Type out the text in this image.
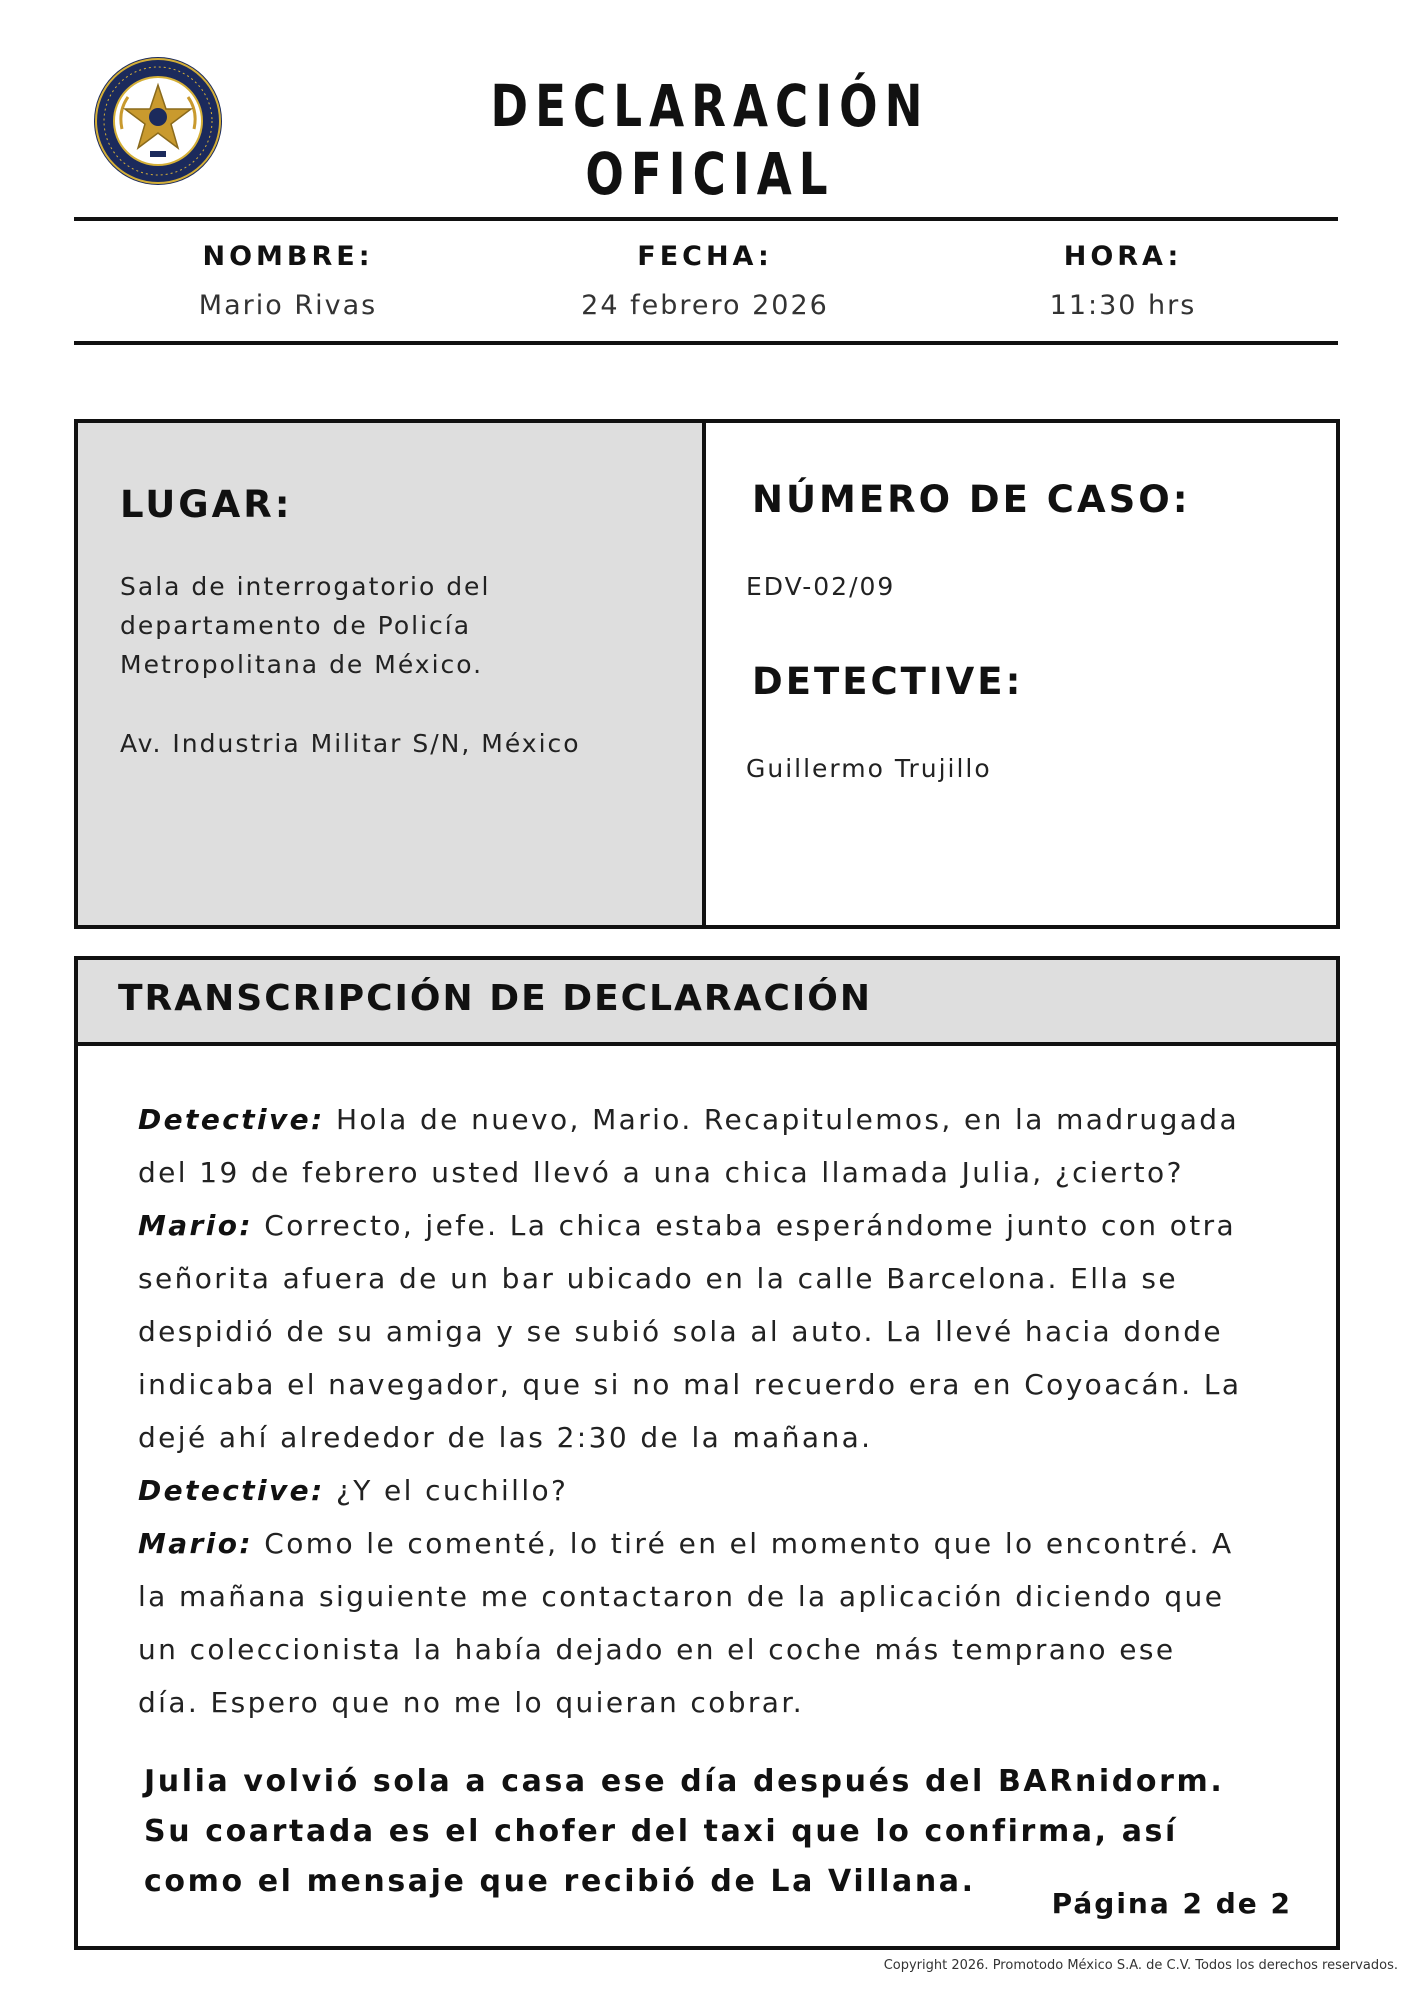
DECLARACIÓN OFICIAL
NOMBRE:
Mario Rivas
FECHA:
24 febrero 2026
HORA:
11:30 hrs
LUGAR:
Sala de interrogatorio del
departamento de Policía
Metropolitana de México.
Av. Industria Militar S/N, México
NÚMERO DE CASO:
EDV-02/09
DETECTIVE:
Guillermo Trujillo
TRANSCRIPCIÓN DE DECLARACIÓN
Detective: Hola de nuevo, Mario. Recapitulemos, en la madrugada
del 19 de febrero usted llevó a una chica llamada Julia, ¿cierto?
Mario: Correcto, jefe. La chica estaba esperándome junto con otra
señorita afuera de un bar ubicado en la calle Barcelona. Ella se
despidió de su amiga y se subió sola al auto. La llevé hacia donde
indicaba el navegador, que si no mal recuerdo era en Coyoacán. La
dejé ahí alrededor de las 2:30 de la mañana.
Detective: ¿Y el cuchillo?
Mario: Como le comenté, lo tiré en el momento que lo encontré. A
la mañana siguiente me contactaron de la aplicación diciendo que
un coleccionista la había dejado en el coche más temprano ese
día. Espero que no me lo quieran cobrar.
Julia volvió sola a casa ese día después del BARnidorm.
Su coartada es el chofer del taxi que lo confirma, así
como el mensaje que recibió de La Villana.
Página 2 de 2
Copyright 2026. Promotodo México S.A. de C.V. Todos los derechos reservados.
